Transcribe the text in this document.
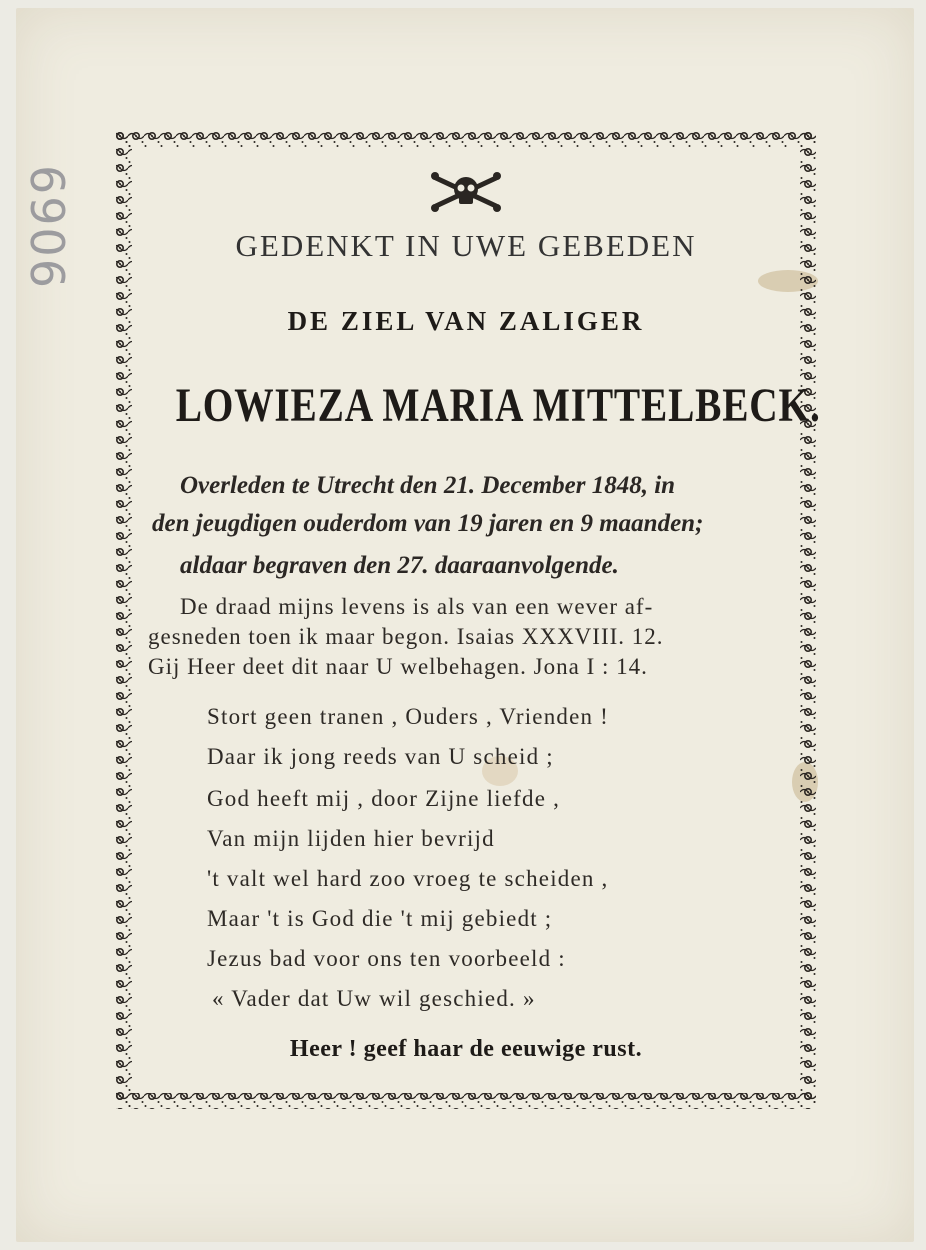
9069	GEDENKT IN UWE GEBEDEN
DE ZIEL VAN ZALIGER
LOWIEZA MARIA MITTELBECK.
Overleden te Utrecht den 21. December 1848, in
den jeugdigen ouderdom van 19 jaren en 9 maanden;
aldaar begraven den 27. daaraanvolgende.
De draad mijns levens is als van een wever af-
gesneden toen ik maar begon. Isaias XXXVIII. 12.
Gij Heer deet dit naar U welbehagen. Jona I : 14.
Stort geen tranen , Ouders , Vrienden !
Daar ik jong reeds van U scheid ;
God heeft mij , door Zijne liefde ,
Van mijn lijden hier bevrijd
't valt wel hard zoo vroeg te scheiden ,
Maar 't is God die 't mij gebiedt ;
Jezus bad voor ons ten voorbeeld :
« Vader dat Uw wil geschied. »
Heer ! geef haar de eeuwige rust.
